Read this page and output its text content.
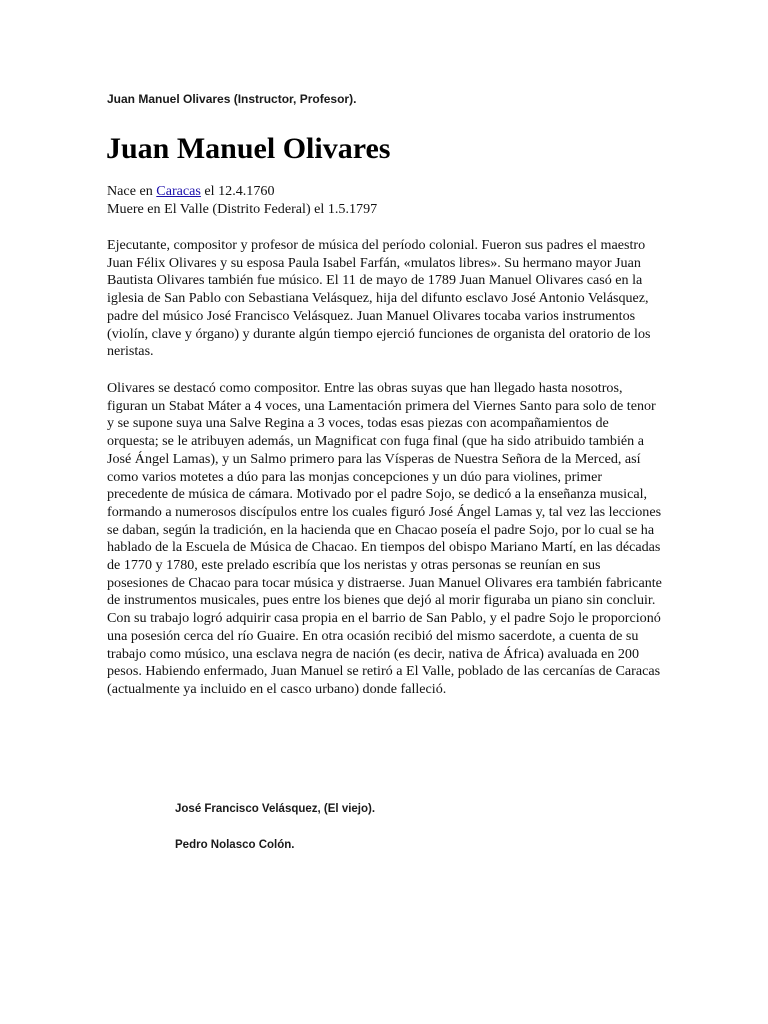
Juan Manuel Olivares (Instructor, Profesor).
Juan Manuel Olivares
Nace en Caracas el 12.4.1760
Muere en El Valle (Distrito Federal) el 1.5.1797

Ejecutante, compositor y profesor de música del período colonial. Fueron sus padres el maestro Juan Félix Olivares y su esposa Paula Isabel Farfán, «mulatos libres». Su hermano mayor Juan Bautista Olivares también fue músico. El 11 de mayo de 1789 Juan Manuel Olivares casó en la iglesia de San Pablo con Sebastiana Velásquez, hija del difunto esclavo José Antonio Velásquez, padre del músico José Francisco Velásquez. Juan Manuel Olivares tocaba varios instrumentos (violín, clave y órgano) y durante algún tiempo ejerció funciones de organista del oratorio de los neristas.

Olivares se destacó como compositor. Entre las obras suyas que han llegado hasta nosotros, figuran un Stabat Máter a 4 voces, una Lamentación primera del Viernes Santo para solo de tenor y se supone suya una Salve Regina a 3 voces, todas esas piezas con acompañamientos de orquesta; se le atribuyen además, un Magnificat con fuga final (que ha sido atribuido también a José Ángel Lamas), y un Salmo primero para las Vísperas de Nuestra Señora de la Merced, así como varios motetes a dúo para las monjas concepciones y un dúo para violines, primer precedente de música de cámara. Motivado por el padre Sojo, se dedicó a la enseñanza musical, formando a numerosos discípulos entre los cuales figuró José Ángel Lamas y, tal vez las lecciones se daban, según la tradición, en la hacienda que en Chacao poseía el padre Sojo, por lo cual se ha hablado de la Escuela de Música de Chacao. En tiempos del obispo Mariano Martí, en las décadas de 1770 y 1780, este prelado escribía que los neristas y otras personas se reunían en sus posesiones de Chacao para tocar música y distraerse. Juan Manuel Olivares era también fabricante de instrumentos musicales, pues entre los bienes que dejó al morir figuraba un piano sin concluir. Con su trabajo logró adquirir casa propia en el barrio de San Pablo, y el padre Sojo le proporcionó una posesión cerca del río Guaire. En otra ocasión recibió del mismo sacerdote, a cuenta de su trabajo como músico, una esclava negra de nación (es decir, nativa de África) avaluada en 200 pesos. Habiendo enfermado, Juan Manuel se retiró a El Valle, poblado de las cercanías de Caracas (actualmente ya incluido en el casco urbano) donde falleció.

José Francisco Velásquez, (El viejo).
Pedro Nolasco Colón.
